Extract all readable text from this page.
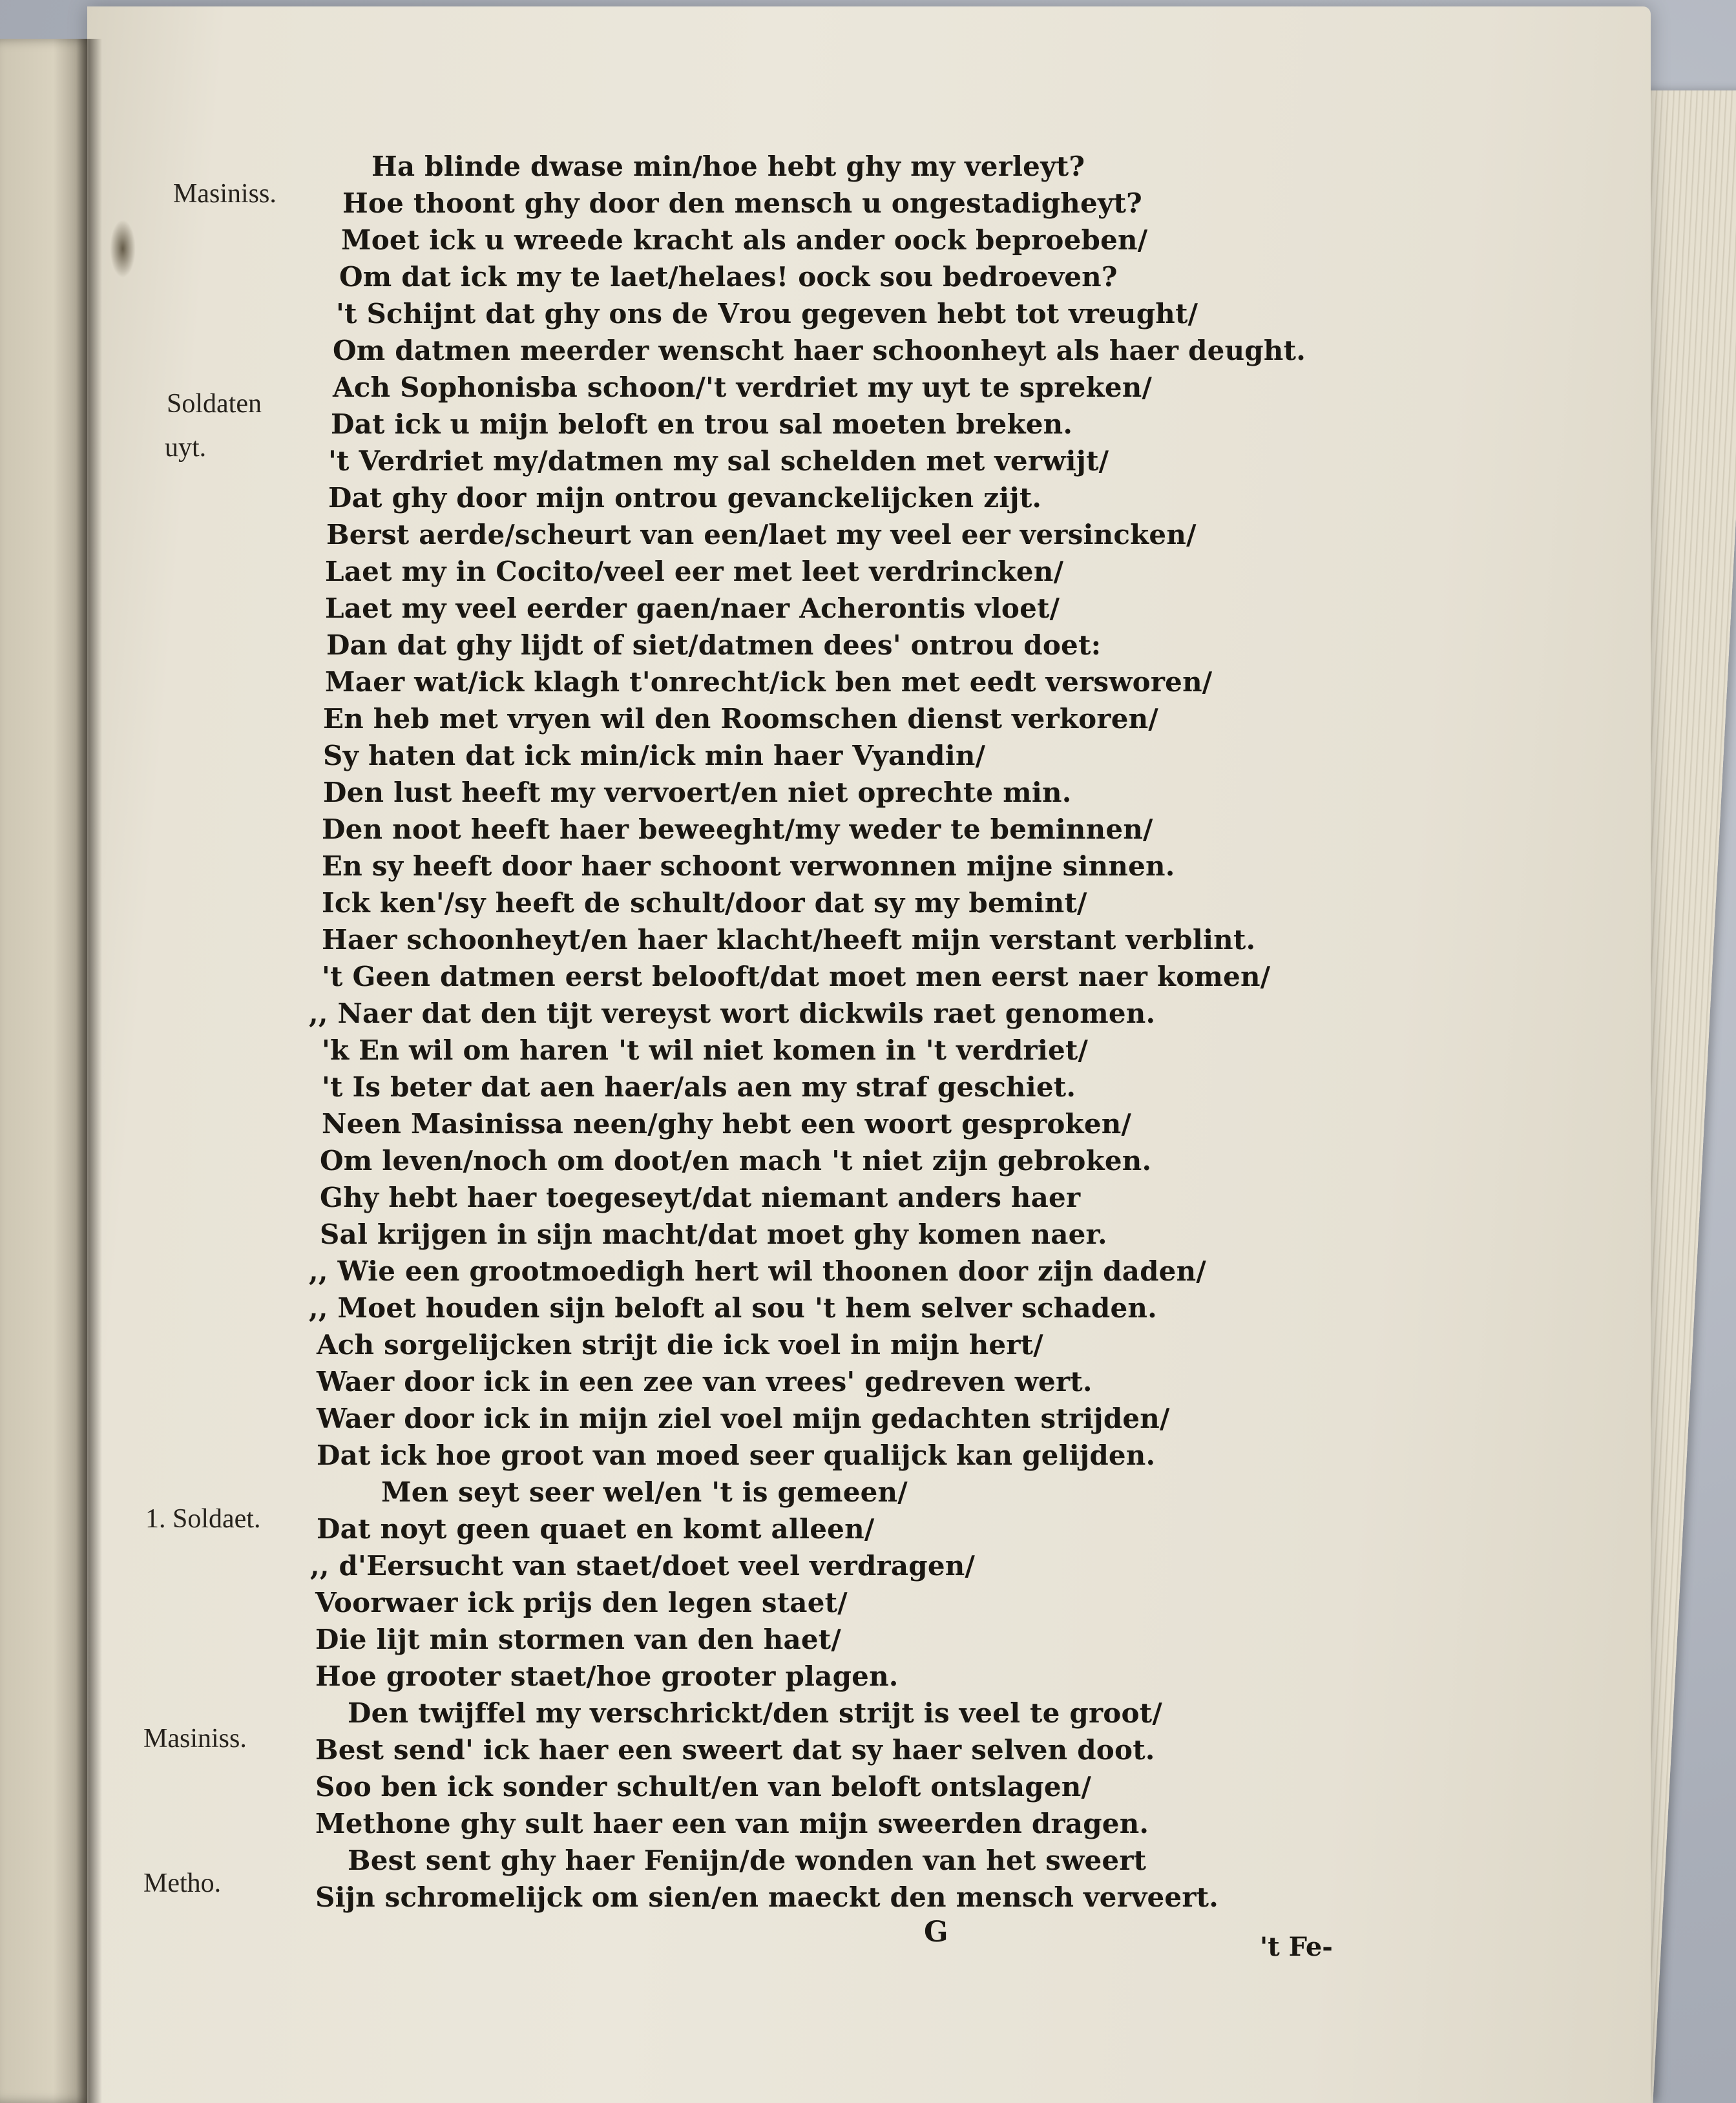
Masiniss.

Soldaten

uyt.

1. Soldaet.

Masiniss.

Metho.

Ha blinde dwase min/hoe hebt ghy my verleyt?

Hoe thoont ghy door den mensch u ongestadigheyt?

Moet ick u wreede kracht als ander oock beproeben/

Om dat ick my te laet/helaes! oock sou bedroeven?

't Schijnt dat ghy ons de Vrou gegeven hebt tot vreught/

Om datmen meerder wenscht haer schoonheyt als haer deught.

Ach Sophonisba schoon/'t verdriet my uyt te spreken/

Dat ick u mijn beloft en trou sal moeten breken.

't Verdriet my/datmen my sal schelden met verwijt/

Dat ghy door mijn ontrou gevanckelijcken zijt.

Berst aerde/scheurt van een/laet my veel eer versincken/

Laet my in Cocito/veel eer met leet verdrincken/

Laet my veel eerder gaen/naer Acherontis vloet/

Dan dat ghy lijdt of siet/datmen dees' ontrou doet:

Maer wat/ick klagh t'onrecht/ick ben met eedt versworen/

En heb met vryen wil den Roomschen dienst verkoren/

Sy haten dat ick min/ick min haer Vyandin/

Den lust heeft my vervoert/en niet oprechte min.

Den noot heeft haer beweeght/my weder te beminnen/

En sy heeft door haer schoont verwonnen mijne sinnen.

Ick ken'/sy heeft de schult/door dat sy my bemint/

Haer schoonheyt/en haer klacht/heeft mijn verstant verblint.

't Geen datmen eerst belooft/dat moet men eerst naer komen/

,, Naer dat den tijt vereyst wort dickwils raet genomen.

'k En wil om haren 't wil niet komen in 't verdriet/

't Is beter dat aen haer/als aen my straf geschiet.

Neen Masinissa neen/ghy hebt een woort gesproken/

Om leven/noch om doot/en mach 't niet zijn gebroken.

Ghy hebt haer toegeseyt/dat niemant anders haer

Sal krijgen in sijn macht/dat moet ghy komen naer.

,, Wie een grootmoedigh hert wil thoonen door zijn daden/

,, Moet houden sijn beloft al sou 't hem selver schaden.

Ach sorgelijcken strijt die ick voel in mijn hert/

Waer door ick in een zee van vrees' gedreven wert.

Waer door ick in mijn ziel voel mijn gedachten strijden/

Dat ick hoe groot van moed seer qualijck kan gelijden.

Men seyt seer wel/en 't is gemeen/

Dat noyt geen quaet en komt alleen/

,, d'Eersucht van staet/doet veel verdragen/

Voorwaer ick prijs den legen staet/

Die lijt min stormen van den haet/

Hoe grooter staet/hoe grooter plagen.

Den twijffel my verschrickt/den strijt is veel te groot/

Best send' ick haer een sweert dat sy haer selven doot.

Soo ben ick sonder schult/en van beloft ontslagen/

Methone ghy sult haer een van mijn sweerden dragen.

Best sent ghy haer Fenijn/de wonden van het sweert

Sijn schromelijck om sien/en maeckt den mensch verveert.

G	't Fe-
